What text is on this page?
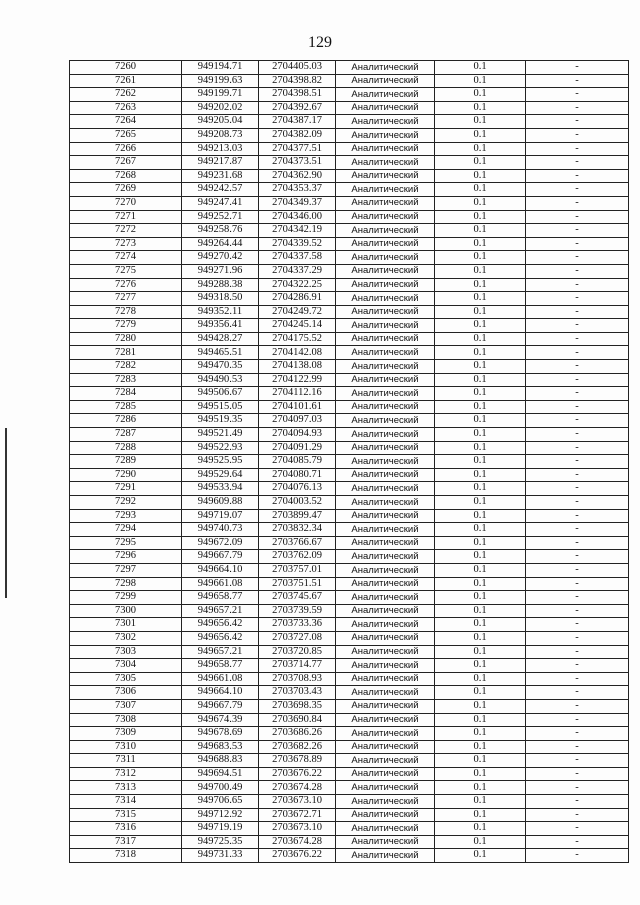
129
7260	949194.71	2704405.03	Аналитический	0.1	-
7261	949199.63	2704398.82	Аналитический	0.1	-
7262	949199.71	2704398.51	Аналитический	0.1	-
7263	949202.02	2704392.67	Аналитический	0.1	-
7264	949205.04	2704387.17	Аналитический	0.1	-
7265	949208.73	2704382.09	Аналитический	0.1	-
7266	949213.03	2704377.51	Аналитический	0.1	-
7267	949217.87	2704373.51	Аналитический	0.1	-
7268	949231.68	2704362.90	Аналитический	0.1	-
7269	949242.57	2704353.37	Аналитический	0.1	-
7270	949247.41	2704349.37	Аналитический	0.1	-
7271	949252.71	2704346.00	Аналитический	0.1	-
7272	949258.76	2704342.19	Аналитический	0.1	-
7273	949264.44	2704339.52	Аналитический	0.1	-
7274	949270.42	2704337.58	Аналитический	0.1	-
7275	949271.96	2704337.29	Аналитический	0.1	-
7276	949288.38	2704322.25	Аналитический	0.1	-
7277	949318.50	2704286.91	Аналитический	0.1	-
7278	949352.11	2704249.72	Аналитический	0.1	-
7279	949356.41	2704245.14	Аналитический	0.1	-
7280	949428.27	2704175.52	Аналитический	0.1	-
7281	949465.51	2704142.08	Аналитический	0.1	-
7282	949470.35	2704138.08	Аналитический	0.1	-
7283	949490.53	2704122.99	Аналитический	0.1	-
7284	949506.67	2704112.16	Аналитический	0.1	-
7285	949515.05	2704101.61	Аналитический	0.1	-
7286	949519.35	2704097.03	Аналитический	0.1	-
7287	949521.49	2704094.93	Аналитический	0.1	-
7288	949522.93	2704091.29	Аналитический	0.1	-
7289	949525.95	2704085.79	Аналитический	0.1	-
7290	949529.64	2704080.71	Аналитический	0.1	-
7291	949533.94	2704076.13	Аналитический	0.1	-
7292	949609.88	2704003.52	Аналитический	0.1	-
7293	949719.07	2703899.47	Аналитический	0.1	-
7294	949740.73	2703832.34	Аналитический	0.1	-
7295	949672.09	2703766.67	Аналитический	0.1	-
7296	949667.79	2703762.09	Аналитический	0.1	-
7297	949664.10	2703757.01	Аналитический	0.1	-
7298	949661.08	2703751.51	Аналитический	0.1	-
7299	949658.77	2703745.67	Аналитический	0.1	-
7300	949657.21	2703739.59	Аналитический	0.1	-
7301	949656.42	2703733.36	Аналитический	0.1	-
7302	949656.42	2703727.08	Аналитический	0.1	-
7303	949657.21	2703720.85	Аналитический	0.1	-
7304	949658.77	2703714.77	Аналитический	0.1	-
7305	949661.08	2703708.93	Аналитический	0.1	-
7306	949664.10	2703703.43	Аналитический	0.1	-
7307	949667.79	2703698.35	Аналитический	0.1	-
7308	949674.39	2703690.84	Аналитический	0.1	-
7309	949678.69	2703686.26	Аналитический	0.1	-
7310	949683.53	2703682.26	Аналитический	0.1	-
7311	949688.83	2703678.89	Аналитический	0.1	-
7312	949694.51	2703676.22	Аналитический	0.1	-
7313	949700.49	2703674.28	Аналитический	0.1	-
7314	949706.65	2703673.10	Аналитический	0.1	-
7315	949712.92	2703672.71	Аналитический	0.1	-
7316	949719.19	2703673.10	Аналитический	0.1	-
7317	949725.35	2703674.28	Аналитический	0.1	-
7318	949731.33	2703676.22	Аналитический	0.1	-
